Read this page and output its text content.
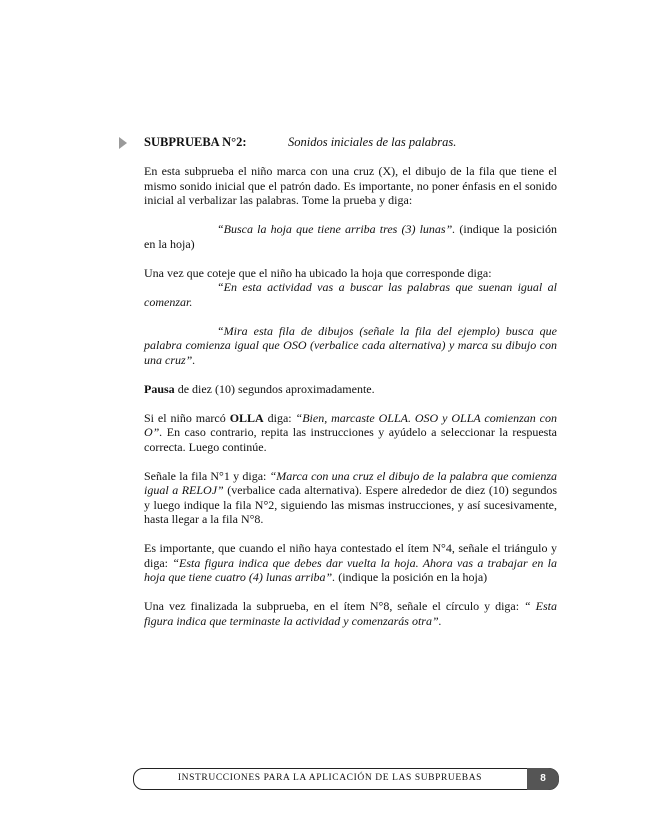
SUBPRUEBA N°2:	Sonidos iniciales de las palabras.

En esta subprueba el niño marca con una cruz (X), el dibujo de la fila que tiene el mismo sonido inicial que el patrón dado. Es importante, no poner énfasis en el sonido inicial al verbalizar las palabras. Tome la prueba y diga:

“Busca la hoja que tiene arriba tres (3) lunas”. (indique la posición en la hoja)

Una vez que coteje que el niño ha ubicado la hoja que corresponde diga:
“En esta actividad vas a buscar las palabras que suenan igual al comenzar.

“Mira esta fila de dibujos (señale la fila del ejemplo) busca que palabra comienza igual que OSO (verbalice cada alternativa) y marca su dibujo con una cruz”.

Pausa de diez (10) segundos aproximadamente.

Si el niño marcó OLLA diga: “Bien, marcaste OLLA. OSO y OLLA comienzan con O”. En caso contrario, repita las instrucciones y ayúdelo a seleccionar la respuesta correcta. Luego continúe.

Señale la fila N°1 y diga: “Marca con una cruz el dibujo de la palabra que comienza igual a RELOJ” (verbalice cada alternativa). Espere alrededor de diez (10) segundos y luego indique la fila N°2, siguiendo las mismas instrucciones, y así sucesivamente, hasta llegar a la fila N°8.

Es importante, que cuando el niño haya contestado el ítem N°4, señale el triángulo y diga: “Esta figura indica que debes dar vuelta la hoja. Ahora vas a trabajar en la hoja que tiene cuatro (4) lunas arriba”. (indique la posición en la hoja)

Una vez finalizada la subprueba, en el ítem N°8, señale el círculo y diga: “ Esta figura indica que terminaste la actividad y comenzarás otra”.

INSTRUCCIONES PARA LA APLICACIÓN DE LAS SUBPRUEBAS	8
